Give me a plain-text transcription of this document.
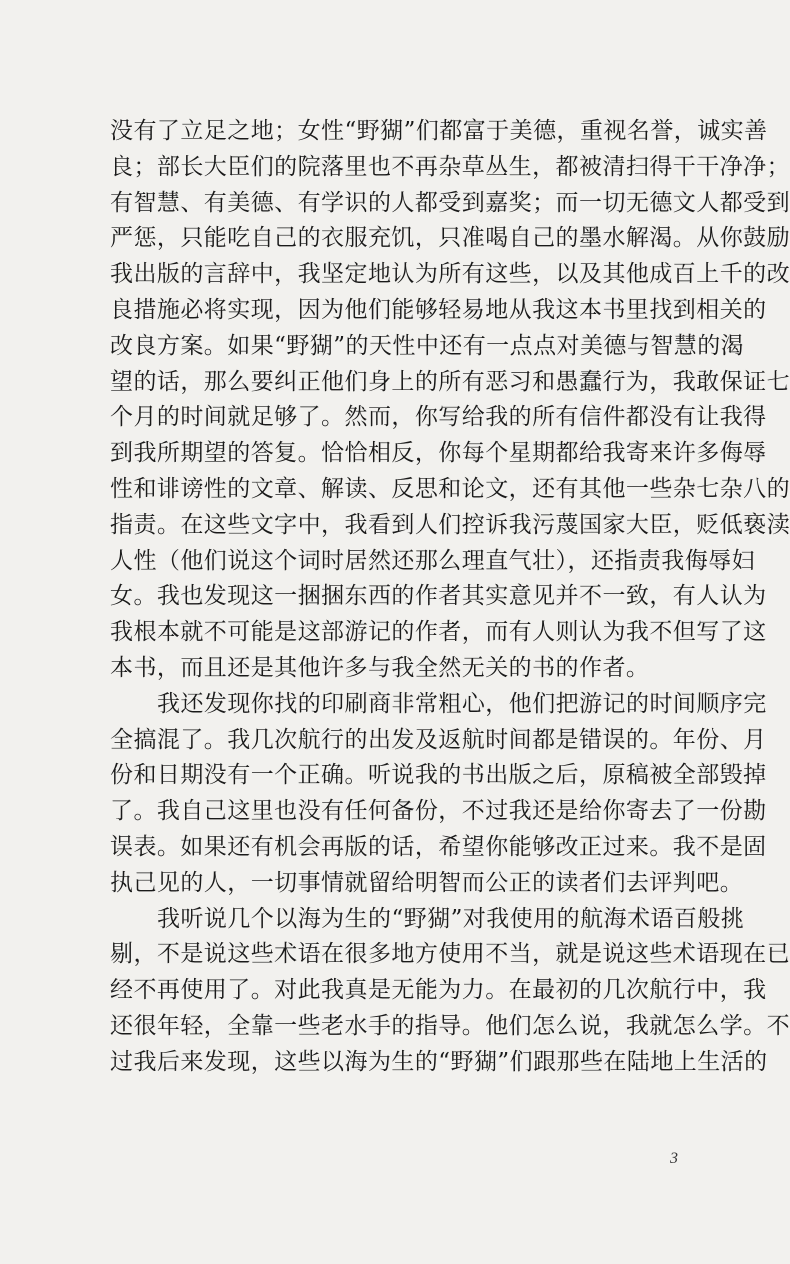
没有了立足之地；女性“野猢”们都富于美德，重视名誉，诚实善
良；部长大臣们的院落里也不再杂草丛生，都被清扫得干干净净；
有智慧、有美德、有学识的人都受到嘉奖；而一切无德文人都受到
严惩，只能吃自己的衣服充饥，只准喝自己的墨水解渴。从你鼓励
我出版的言辞中，我坚定地认为所有这些，以及其他成百上千的改
良措施必将实现，因为他们能够轻易地从我这本书里找到相关的
改良方案。如果“野猢”的天性中还有一点点对美德与智慧的渴
望的话，那么要纠正他们身上的所有恶习和愚蠢行为，我敢保证七
个月的时间就足够了。然而，你写给我的所有信件都没有让我得
到我所期望的答复。恰恰相反，你每个星期都给我寄来许多侮辱
性和诽谤性的文章、解读、反思和论文，还有其他一些杂七杂八的
指责。在这些文字中，我看到人们控诉我污蔑国家大臣，贬低亵渎
人性（他们说这个词时居然还那么理直气壮），还指责我侮辱妇
女。我也发现这一捆捆东西的作者其实意见并不一致，有人认为
我根本就不可能是这部游记的作者，而有人则认为我不但写了这
本书，而且还是其他许多与我全然无关的书的作者。
我还发现你找的印刷商非常粗心，他们把游记的时间顺序完
全搞混了。我几次航行的出发及返航时间都是错误的。年份、月
份和日期没有一个正确。听说我的书出版之后，原稿被全部毁掉
了。我自己这里也没有任何备份，不过我还是给你寄去了一份勘
误表。如果还有机会再版的话，希望你能够改正过来。我不是固
执己见的人，一切事情就留给明智而公正的读者们去评判吧。
我听说几个以海为生的“野猢”对我使用的航海术语百般挑
剔，不是说这些术语在很多地方使用不当，就是说这些术语现在已
经不再使用了。对此我真是无能为力。在最初的几次航行中，我
还很年轻，全靠一些老水手的指导。他们怎么说，我就怎么学。不
过我后来发现，这些以海为生的“野猢”们跟那些在陆地上生活的
3
